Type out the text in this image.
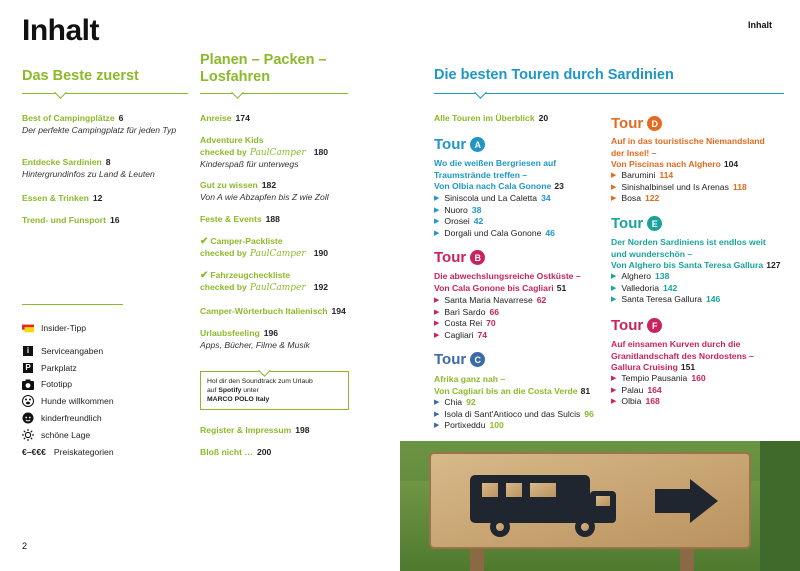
Inhalt	Inhalt
2
Das Beste zuerst
Best of Campingplätze 6
Der perfekte Campingplatz für jeden Typ
Entdecke Sardinien 8
Hintergrundinfos zu Land & Leuten
Essen & Trinken 12
Trend- und Funsport 16
Insider-Tipp
i	Serviceangaben
P Parkplatz
Fototipp
Hunde willkommen
kinderfreundlich
schöne Lage
€–€€€ Preiskategorien
Planen – Packen –
Losfahren
Anreise 174
Adventure Kids
checked by PaulCamper 180
Kinderspaß für unterwegs
Gut zu wissen 182
Von A wie Abzapfen bis Z wie Zoll
Feste & Events 188
✔ Camper-Packliste
checked by PaulCamper 190
✔ Fahrzeugcheckliste
checked by PaulCamper 192
Camper-Wörterbuch Italienisch 194
Urlaubsfeeling 196
Apps, Bücher, Filme & Musik
Hol dir den Soundtrack zum Urlaub
auf Spotify unter
MARCO POLO Italy
Register & Impressum 198
Bloß nicht … 200
Die besten Touren durch Sardinien
Alle Touren im Überblick 20
Tour A
Wo die weißen Bergriesen auf
Traumstrände treffen –
Von Olbia nach Cala Gonone 23
▶ Siniscola und La Caletta 34
▶ Nuoro 38
▶ Orosei 42
▶ Dorgali und Cala Gonone 46
Tour B
Die abwechslungsreiche Ostküste –
Von Cala Gonone bis Cagliari 51
▶ Santa Maria Navarrese 62
▶ Barì Sardo 66
▶ Costa Rei 70
▶ Cagliari 74
Tour C
Afrika ganz nah –
Von Cagliari bis an die Costa Verde 81
▶ Chia 92
▶ Isola di Sant'Antioco und das Sulcis 96
▶ Portixeddu 100
Tour D
Auf in das touristische Niemandsland
der Insel! –
Von Piscinas nach Alghero 104
▶ Barumini 114
▶ Sinishalbinsel und Is Arenas 118
▶ Bosa 122
Tour E
Der Norden Sardiniens ist endlos weit
und wunderschön –
Von Alghero bis Santa Teresa Gallura 127
▶ Alghero 138
▶ Valledoria 142
▶ Santa Teresa Gallura 146
Tour F
Auf einsamen Kurven durch die
Granitlandschaft des Nordostens –
Gallura Cruising 151
▶ Tempio Pausania 160
▶ Palau 164
▶ Olbia 168
